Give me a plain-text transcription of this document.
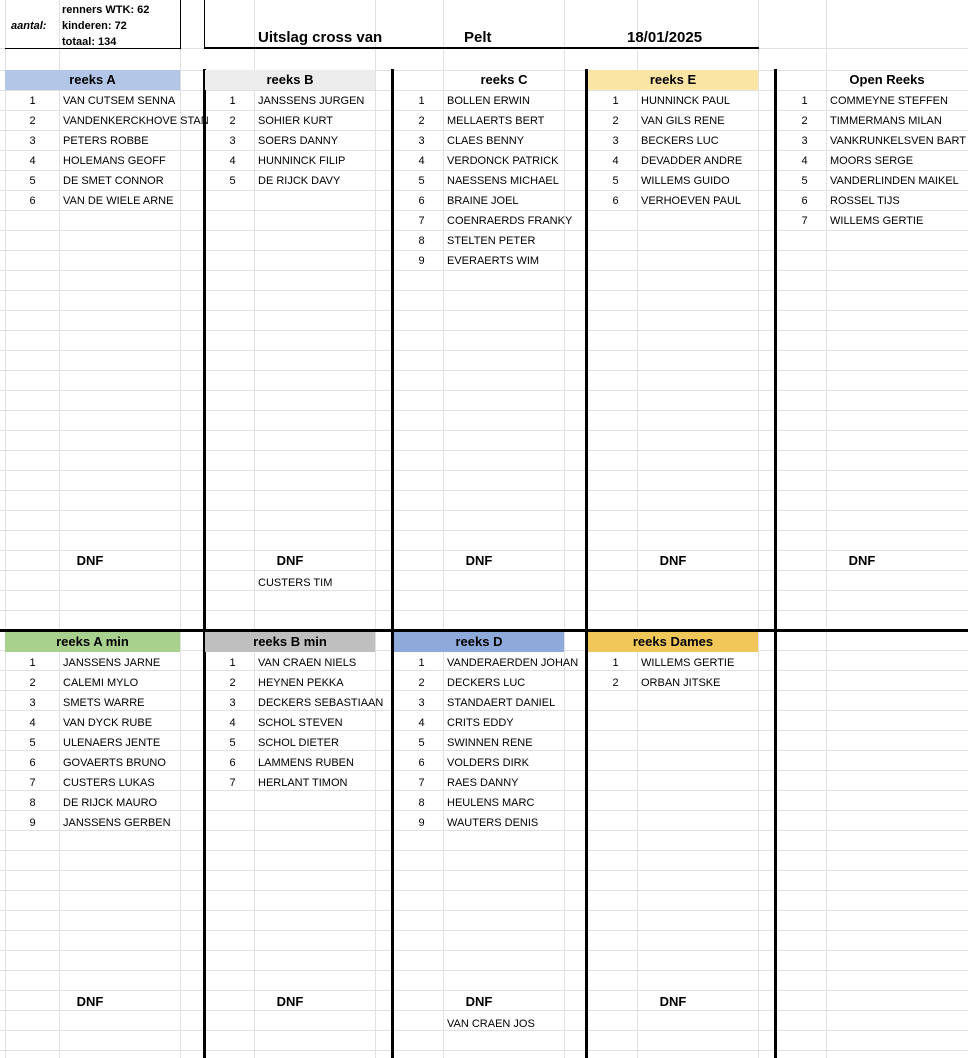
aantal:
renners WTK: 62
kinderen: 72
totaal: 134	Uitslag cross van	Pelt	18/01/2025
reeks A
1	VAN CUTSEM SENNA
2	VANDENKERCKHOVE STAN
3	PETERS ROBBE
4	HOLEMANS GEOFF
5	DE SMET CONNOR
6	VAN DE WIELE ARNE
DNF
reeks B
1	JANSSENS JURGEN
2	SOHIER KURT
3	SOERS DANNY
4	HUNNINCK FILIP
5	DE RIJCK DAVY
DNF
CUSTERS TIM
reeks C
1	BOLLEN ERWIN
2	MELLAERTS BERT
3	CLAES BENNY
4	VERDONCK PATRICK
5	NAESSENS MICHAEL
6	BRAINE JOEL
7	COENRAERDS FRANKY
8	STELTEN PETER
9	EVERAERTS WIM
DNF
reeks E
1	HUNNINCK PAUL
2	VAN GILS RENE
3	BECKERS LUC
4	DEVADDER ANDRE
5	WILLEMS GUIDO
6	VERHOEVEN PAUL
DNF
Open Reeks
1	COMMEYNE STEFFEN
2	TIMMERMANS MILAN
3	VANKRUNKELSVEN BART
4	MOORS SERGE
5	VANDERLINDEN MAIKEL
6	ROSSEL TIJS
7	WILLEMS GERTIE
DNF
reeks A min
1	JANSSENS JARNE
2	CALEMI MYLO
3	SMETS WARRE
4	VAN DYCK RUBE
5	ULENAERS JENTE
6	GOVAERTS BRUNO
7	CUSTERS LUKAS
8	DE RIJCK MAURO
9	JANSSENS GERBEN
DNF
reeks B min
1	VAN CRAEN NIELS
2	HEYNEN PEKKA
3	DECKERS SEBASTIAAN
4	SCHOL STEVEN
5	SCHOL DIETER
6	LAMMENS RUBEN
7	HERLANT TIMON
DNF
reeks D
1	VANDERAERDEN JOHAN
2	DECKERS LUC
3	STANDAERT DANIEL
4	CRITS EDDY
5	SWINNEN RENE
6	VOLDERS DIRK
7	RAES DANNY
8	HEULENS MARC
9	WAUTERS DENIS
DNF
VAN CRAEN JOS
reeks Dames
1	WILLEMS GERTIE
2	ORBAN JITSKE
DNF
